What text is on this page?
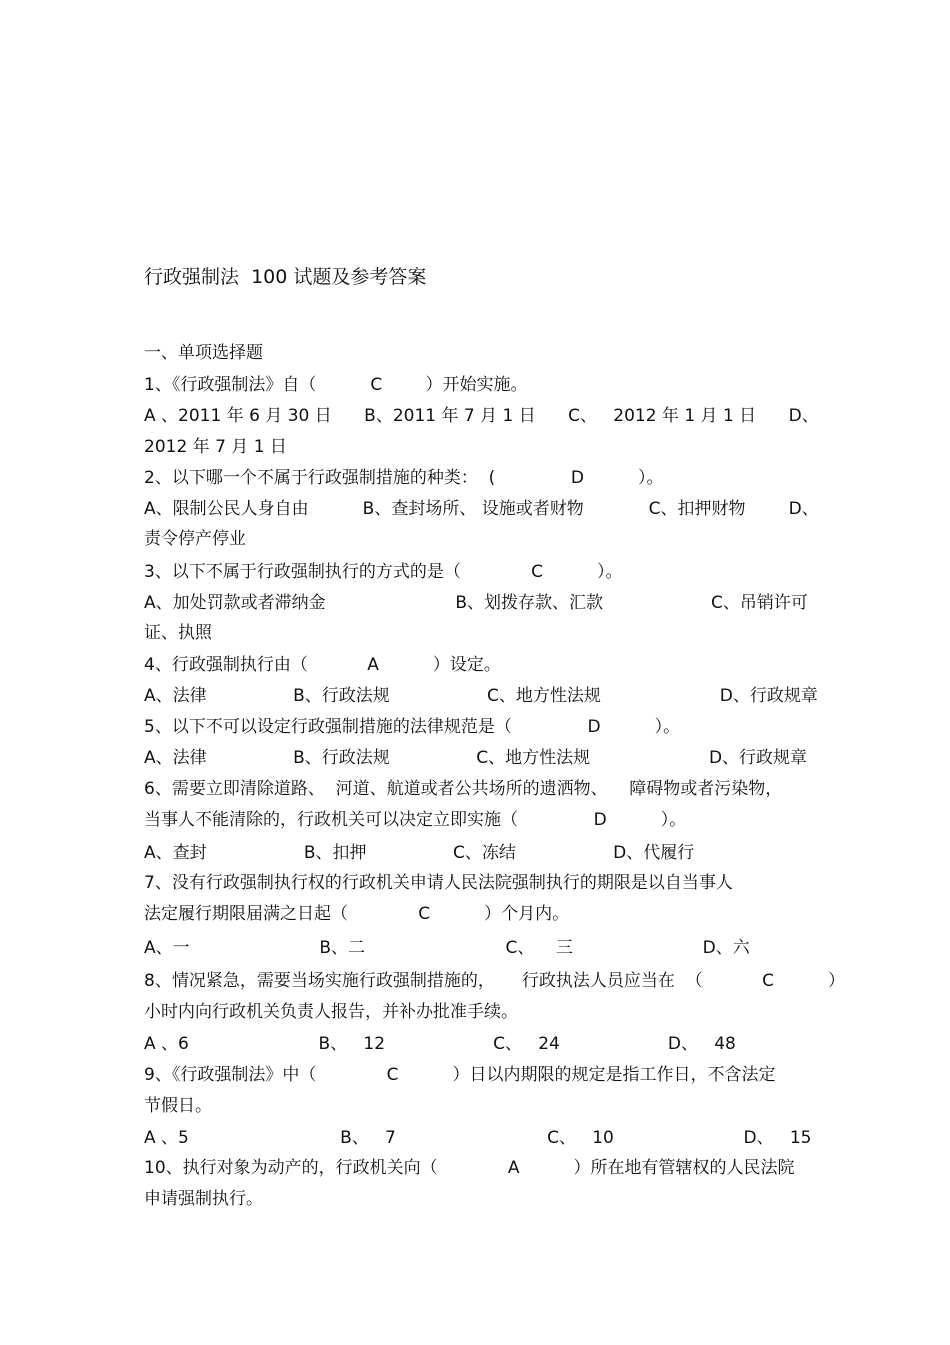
行政强制法  100 试题及参考答案
一、单项选择题
1、《行政强制法》自（          C        ）开始实施。
A 、2011 年 6 月 30 日      B、2011 年 7 月 1 日      C、   2012 年 1 月 1 日      D、
2012 年 7 月 1 日
2、以下哪一个不属于行政强制措施的种类：  (              D          ）。
A、限制公民人身自由          B、查封场所、 设施或者财物            C、扣押财物        D、
责令停产停业
3、以下不属于行政强制执行的方式的是（             C          ）。
A、加处罚款或者滞纳金                        B、划拨存款、汇款                    C、吊销许可
证、执照
4、行政强制执行由（           A          ）设定。
A、法律                B、行政法规                  C、地方性法规                      D、行政规章
5、以下不可以设定行政强制措施的法律规范是（              D          ）。
A、法律                B、行政法规                C、地方性法规                      D、行政规章
6、需要立即清除道路、  河道、航道或者公共场所的遗洒物、    障碍物或者污染物，
当事人不能清除的，行政机关可以决定立即实施（              D          ）。
A、查封                  B、扣押                C、冻结                  D、代履行
7、没有行政强制执行权的行政机关申请人民法院强制执行的期限是以自当事人
法定履行期限届满之日起（             C          ）个月内。
A、一                        B、二                          C、    三                        D、六
8、情况紧急，需要当场实施行政强制措施的，     行政执法人员应当在  （           C          ）
小时内向行政机关负责人报告，并补办批准手续。
A 、6                        B、   12                    C、   24                    D、   48
9、《行政强制法》中（             C          ）日以内期限的规定是指工作日，不含法定
节假日。
A 、5                            B、   7                            C、   10                        D、   15
10、执行对象为动产的，行政机关向（             A          ）所在地有管辖权的人民法院
申请强制执行。
